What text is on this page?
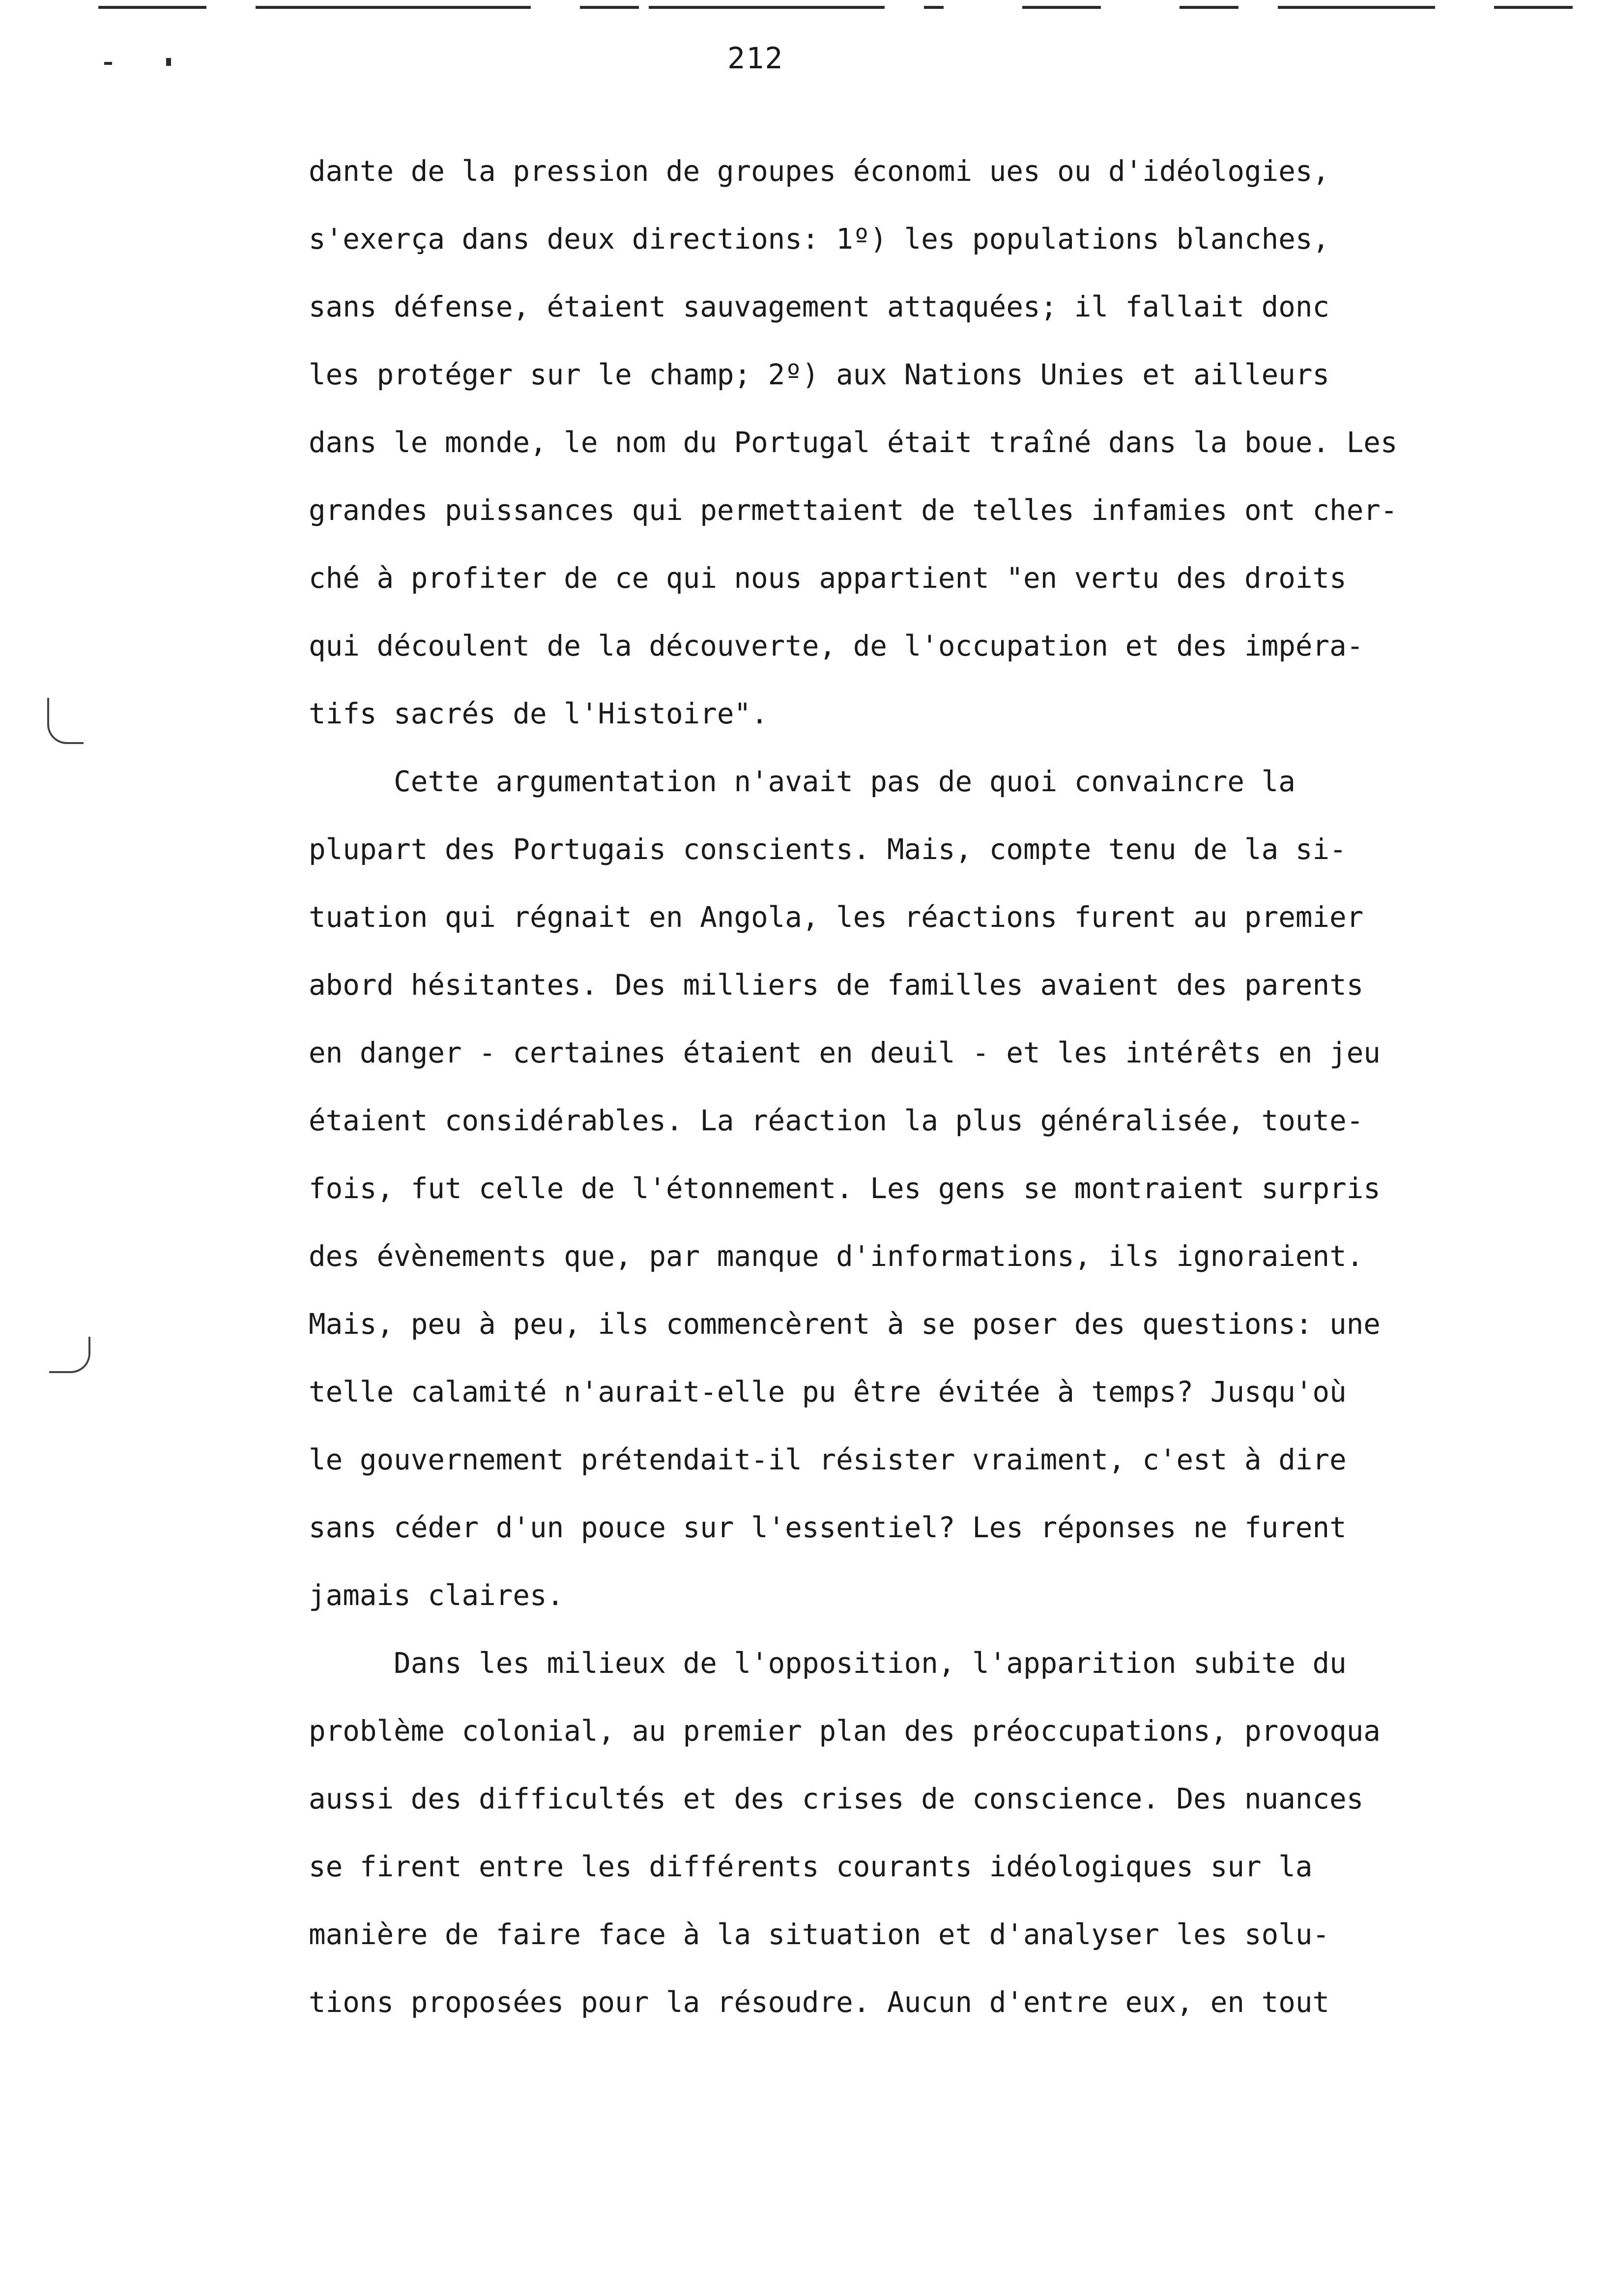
212
dante de la pression de groupes économi ues ou d'idéologies,
s'exerça dans deux directions: 1º) les populations blanches,
sans défense, étaient sauvagement attaquées; il fallait donc
les protéger sur le champ; 2º) aux Nations Unies et ailleurs
dans le monde, le nom du Portugal était traîné dans la boue. Les
grandes puissances qui permettaient de telles infamies ont cher-
ché à profiter de ce qui nous appartient "en vertu des droits
qui découlent de la découverte, de l'occupation et des impéra-
tifs sacrés de l'Histoire".
Cette argumentation n'avait pas de quoi convaincre la
plupart des Portugais conscients. Mais, compte tenu de la si-
tuation qui régnait en Angola, les réactions furent au premier
abord hésitantes. Des milliers de familles avaient des parents
en danger - certaines étaient en deuil - et les intérêts en jeu
étaient considérables. La réaction la plus généralisée, toute-
fois, fut celle de l'étonnement. Les gens se montraient surpris
des évènements que, par manque d'informations, ils ignoraient.
Mais, peu à peu, ils commencèrent à se poser des questions: une
telle calamité n'aurait-elle pu être évitée à temps? Jusqu'où
le gouvernement prétendait-il résister vraiment, c'est à dire
sans céder d'un pouce sur l'essentiel? Les réponses ne furent
jamais claires.
Dans les milieux de l'opposition, l'apparition subite du
problème colonial, au premier plan des préoccupations, provoqua
aussi des difficultés et des crises de conscience. Des nuances
se firent entre les différents courants idéologiques sur la
manière de faire face à la situation et d'analyser les solu-
tions proposées pour la résoudre. Aucun d'entre eux, en tout
